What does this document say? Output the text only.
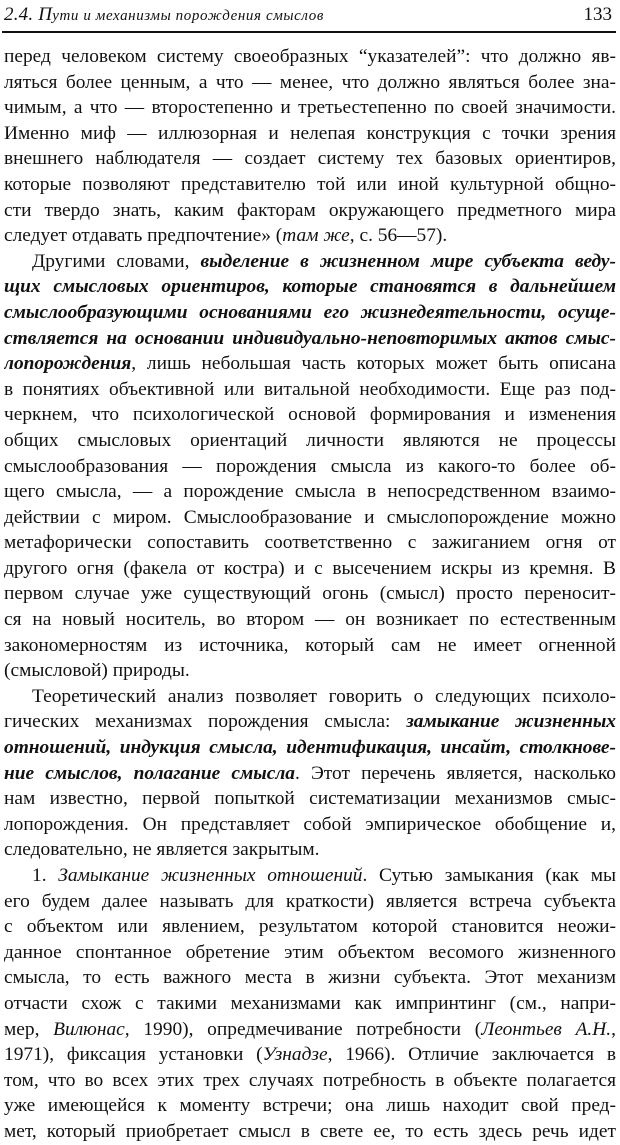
2.4. Пути и механизмы порождения смыслов	133
перед человеком систему своеобразных “указателей”: что должно яв-
ляться более ценным, а что — менее, что должно являться более зна-
чимым, а что — второстепенно и третьестепенно по своей значимости.
Именно миф — иллюзорная и нелепая конструкция с точки зрения
внешнего наблюдателя — создает систему тех базовых ориентиров,
которые позволяют представителю той или иной культурной общно-
сти твердо знать, каким факторам окружающего предметного мира
следует отдавать предпочтение» (там же, с. 56—57).
Другими словами, выделение в жизненном мире субъекта веду-
щих смысловых ориентиров, которые становятся в дальнейшем
смыслообразующими основаниями его жизнедеятельности, осуще-
ствляется на основании индивидуально-неповторимых актов смыс-
лопорождения, лишь небольшая часть которых может быть описана
в понятиях объективной или витальной необходимости. Еще раз под-
черкнем, что психологической основой формирования и изменения
общих смысловых ориентаций личности являются не процессы
смыслообразования — порождения смысла из какого-то более об-
щего смысла, — а порождение смысла в непосредственном взаимо-
действии с миром. Смыслообразование и смыслопорождение можно
метафорически сопоставить соответственно с зажиганием огня от
другого огня (факела от костра) и с высечением искры из кремня. В
первом случае уже существующий огонь (смысл) просто переносит-
ся на новый носитель, во втором — он возникает по естественным
закономерностям из источника, который сам не имеет огненной
(смысловой) природы.
Теоретический анализ позволяет говорить о следующих психоло-
гических механизмах порождения смысла: замыкание жизненных
отношений, индукция смысла, идентификация, инсайт, столкнове-
ние смыслов, полагание смысла. Этот перечень является, насколько
нам известно, первой попыткой систематизации механизмов смыс-
лопорождения. Он представляет собой эмпирическое обобщение и,
следовательно, не является закрытым.
1. Замыкание жизненных отношений. Сутью замыкания (как мы
его будем далее называть для краткости) является встреча субъекта
с объектом или явлением, результатом которой становится неожи-
данное спонтанное обретение этим объектом весомого жизненного
смысла, то есть важного места в жизни субъекта. Этот механизм
отчасти схож с такими механизмами как импринтинг (см., напри-
мер, Вилюнас, 1990), опредмечивание потребности (Леонтьев А.Н.,
1971), фиксация установки (Узнадзе, 1966). Отличие заключается в
том, что во всех этих трех случаях потребность в объекте полагается
уже имеющейся к моменту встречи; она лишь находит свой пред-
мет, который приобретает смысл в свете ее, то есть здесь речь идет
